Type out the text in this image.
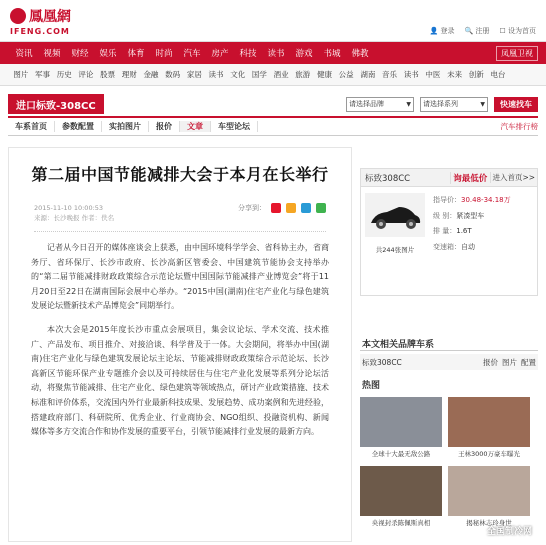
鳳凰網
IFENG.COM	👤 登录 🔍 注册 ☐ 设为首页
资讯	视频	财经	娱乐	体育	时尚	汽车	房产	科技	读书	游戏	书城	佛教	凤凰卫视
图片 军事 历史 评论 股票 理财 金融 数码 家居 读书 文化 国学 酒业 旅游 健康 公益 湖南 音乐 读书 中医 未来 创新 电台
进口标致-308CC	请选择品牌	▼ 请选择系列	▼	快速找车
车系首页	参数配置	实拍图片	报价	文章	车型论坛	汽车排行榜
第二届中国节能减排大会于本月在长举行
2015-11-10 10:00:53
来源：长沙晚报 作者：佚名
分享到：

记者从今日召开的媒体座谈会上获悉，由中国环境科学学会、省科协主办，省商务厅、省环保厅、长沙市政府、长沙高新区管委会、中国建筑节能协会支持举办的“第二届节能减排财政政策综合示范论坛暨中国国际节能减排产业博览会”将于11月20日至22日在湖南国际会展中心举办。“2015中国(湖南)住宅产业化与绿色建筑发展论坛暨新技术产品博览会”同期举行。

本次大会是2015年度长沙市重点会展项目，集会议论坛、学术交流、技术推广、产品发布、项目推介、对接洽谈、科学普及于一体。大会期间，将举办中国(湖南)住宅产业化与绿色建筑发展论坛主论坛、节能减排财政政策综合示范论坛、长沙高新区节能环保产业专题推介会以及可持续居住与住宅产业化发展等系列分论坛活动，将聚焦节能减排、住宅产业化、绿色建筑等领域热点，研讨产业政策措施、技术标准和评价体系，交流国内外行业最新科技成果、发展趋势、成功案例和先进经验，搭建政府部门、科研院所、优秀企业、行业商协会、NGO组织、投融资机构、新闻媒体等多方交流合作和协作发展的重要平台，引领节能减排行业发展的最新方向。

标致308CC	询最低价 进入首页>>
共244张图片
指导价：30.48-34.18万
级 别：紧凑型车
排 量：1.6T
变速箱：自动
本文相关品牌车系
标致308CC	报价 图片 配置
热图
全球十大最无敌公路	王林3000万豪车曝光
央视封杀陈佩斯真相	揭秘林志玲身世
全国制冷网
